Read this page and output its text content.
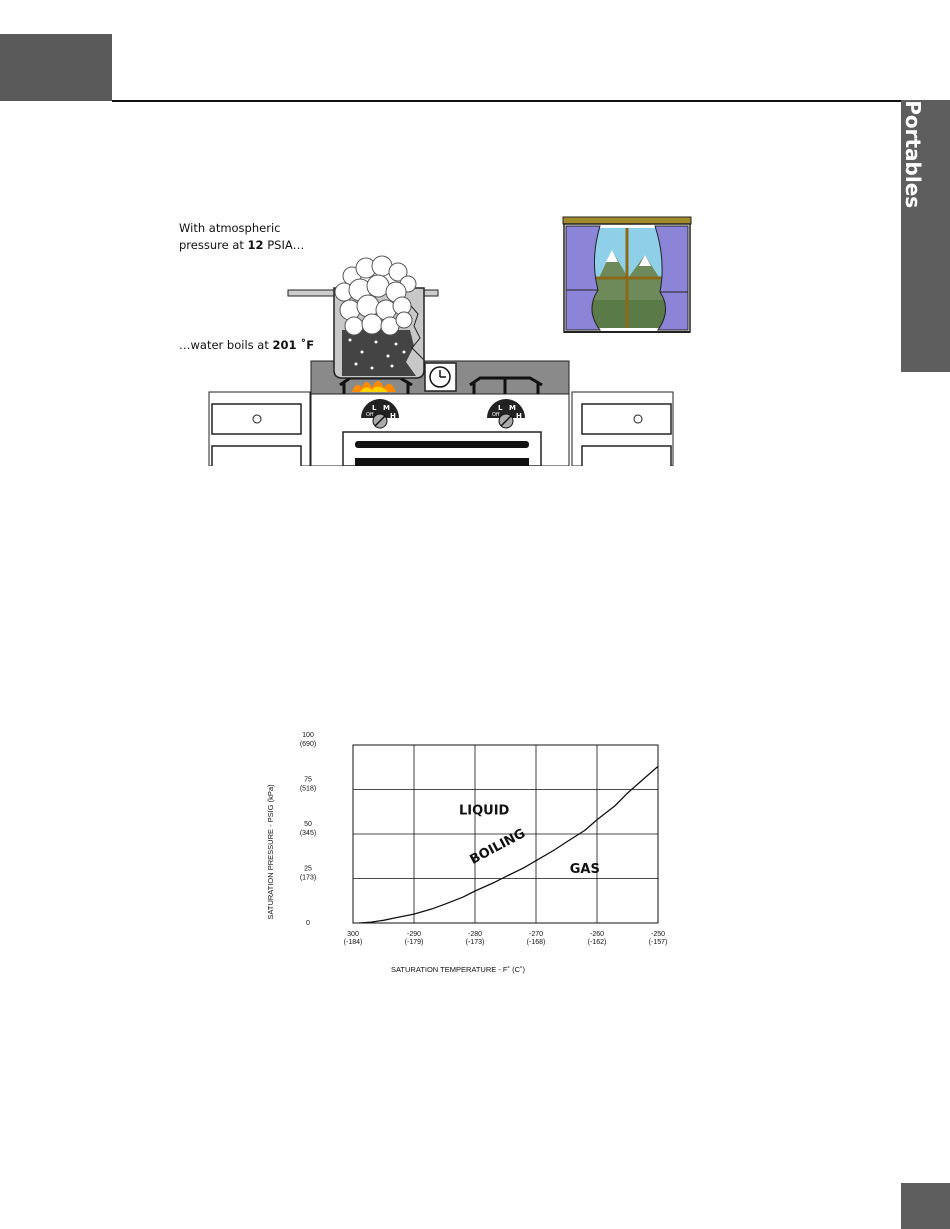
HELiOS Portables
With atmospheric
pressure at 12 PSIA…
…water boils at 201 ˚F
Off
L M
H	Off
L M
H
300
(-184)
-290
(-179)
-280
(-173)
-270
(-168)
-260
(-162)
-250
(-157)
0
25
(173)
50
(345)
75
(518)
100
(690)
LIQUID
BOILING
GAS
SATURATION TEMPERATURE - F˚ (C˚)
SATURATION PRESSURE - PSIG (kPa)
